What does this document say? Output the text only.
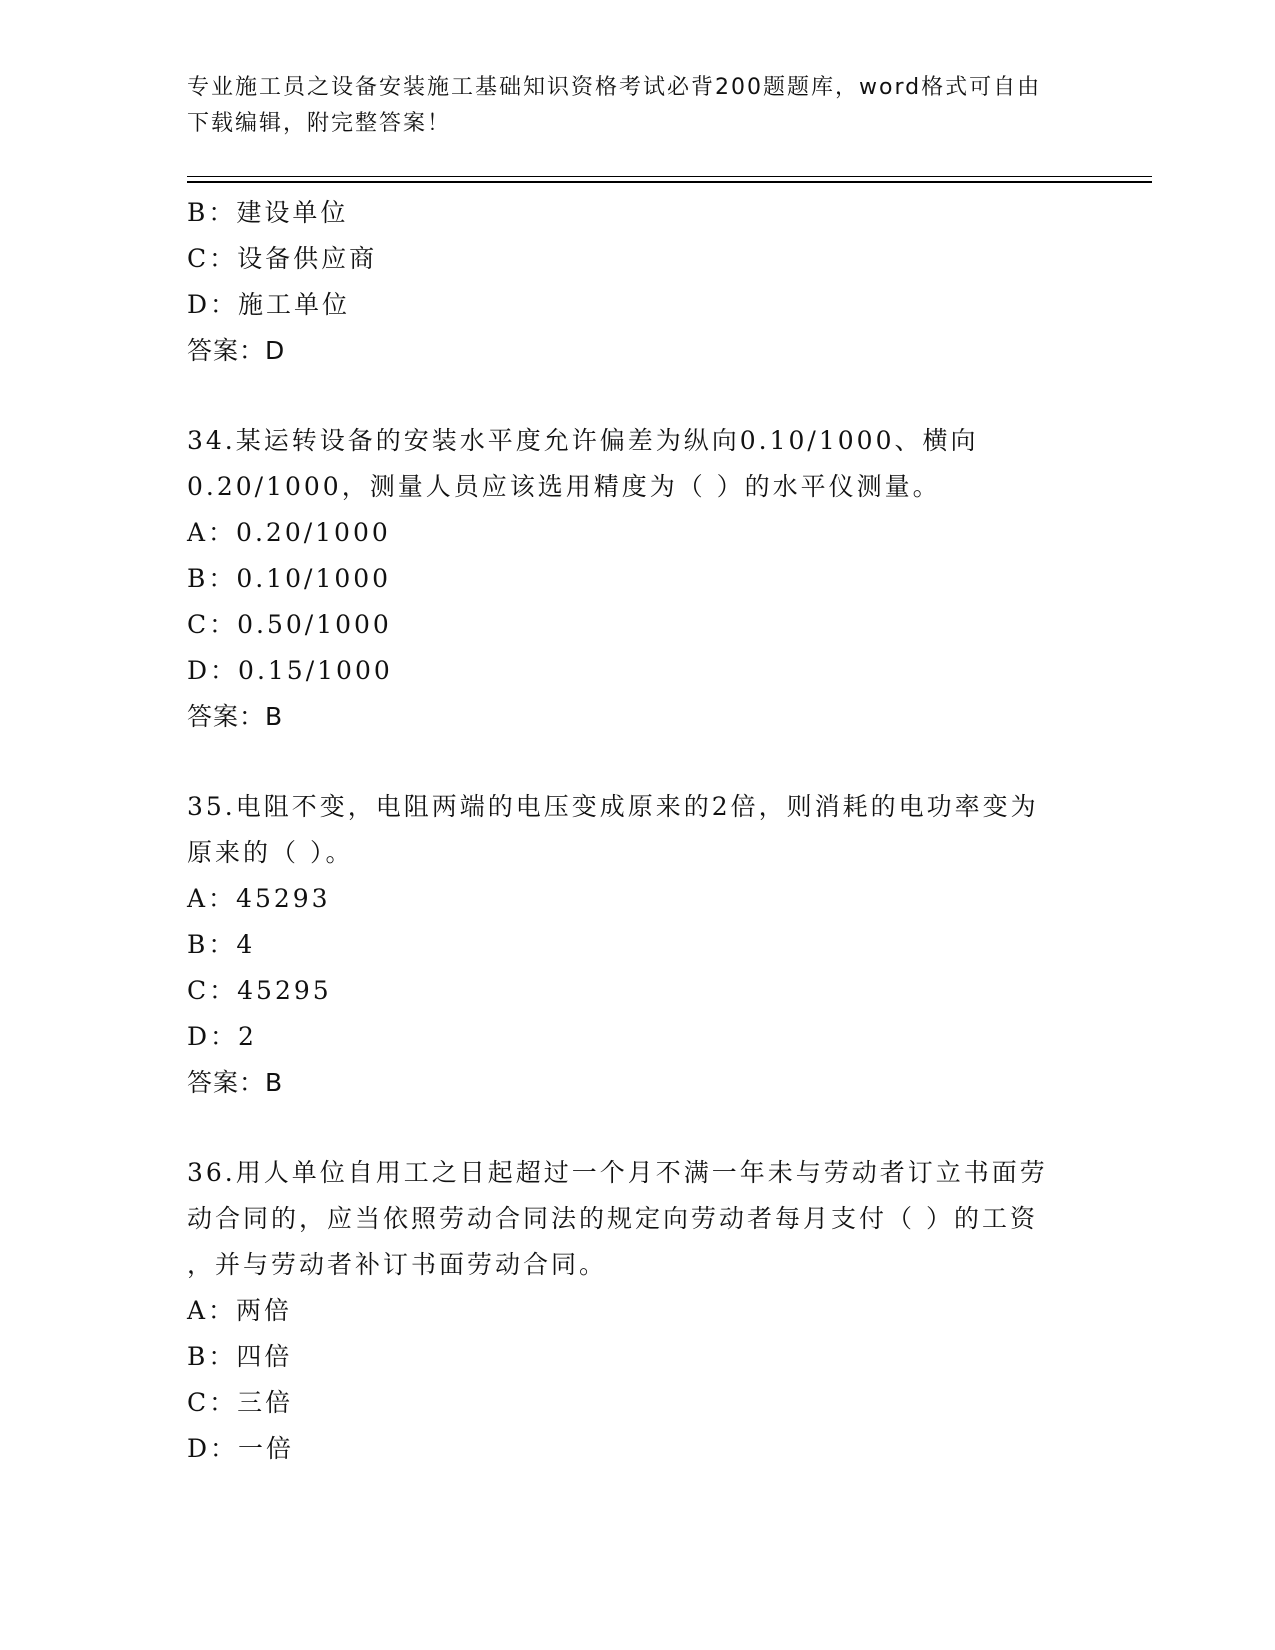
专业施工员之设备安装施工基础知识资格考试必背200题题库，word格式可自由
下载编辑，附完整答案！
B：建设单位
C：设备供应商
D：施工单位
答案：D
34.某运转设备的安装水平度允许偏差为纵向0.10/1000、横向
0.20/1000，测量人员应该选用精度为（ ）的水平仪测量。
A：0.20/1000
B：0.10/1000
C：0.50/1000
D：0.15/1000
答案：B
35.电阻不变，电阻两端的电压变成原来的2倍，则消耗的电功率变为
原来的（ ）。
A：45293
B：4
C：45295
D：2
答案：B
36.用人单位自用工之日起超过一个月不满一年未与劳动者订立书面劳
动合同的，应当依照劳动合同法的规定向劳动者每月支付（ ）的工资
，并与劳动者补订书面劳动合同。
A：两倍
B：四倍
C：三倍
D：一倍
